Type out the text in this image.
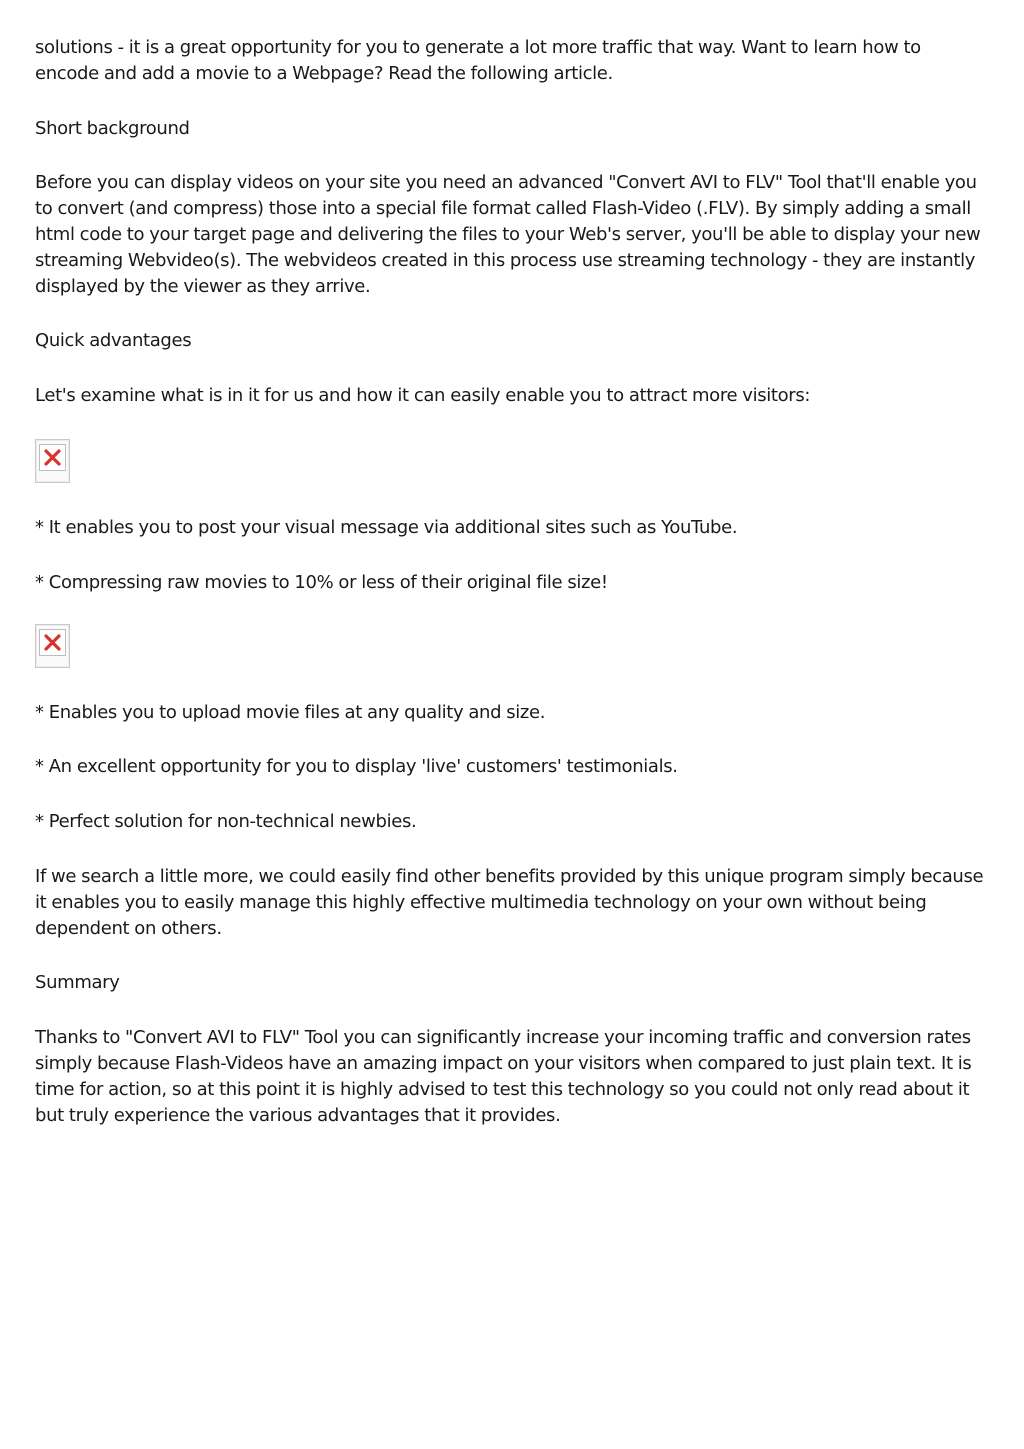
solutions - it is a great opportunity for you to generate a lot more traffic that way. Want to learn how to encode and add a movie to a Webpage? Read the following article.

Short background

Before you can display videos on your site you need an advanced "Convert AVI to FLV" Tool that'll enable you to convert (and compress) those into a special file format called Flash-Video (.FLV). By simply adding a small html code to your target page and delivering the files to your Web's server, you'll be able to display your new streaming Webvideo(s). The webvideos created in this process use streaming technology - they are instantly displayed by the viewer as they arrive.

Quick advantages

Let's examine what is in it for us and how it can easily enable you to attract more visitors:

* It enables you to post your visual message via additional sites such as YouTube.

* Compressing raw movies to 10% or less of their original file size!

* Enables you to upload movie files at any quality and size.

* An excellent opportunity for you to display 'live' customers' testimonials.

* Perfect solution for non-technical newbies.

If we search a little more, we could easily find other benefits provided by this unique program simply because it enables you to easily manage this highly effective multimedia technology on your own without being dependent on others.

Summary

Thanks to "Convert AVI to FLV" Tool you can significantly increase your incoming traffic and conversion rates simply because Flash-Videos have an amazing impact on your visitors when compared to just plain text. It is time for action, so at this point it is highly advised to test this technology so you could not only read about it but truly experience the various advantages that it provides.
